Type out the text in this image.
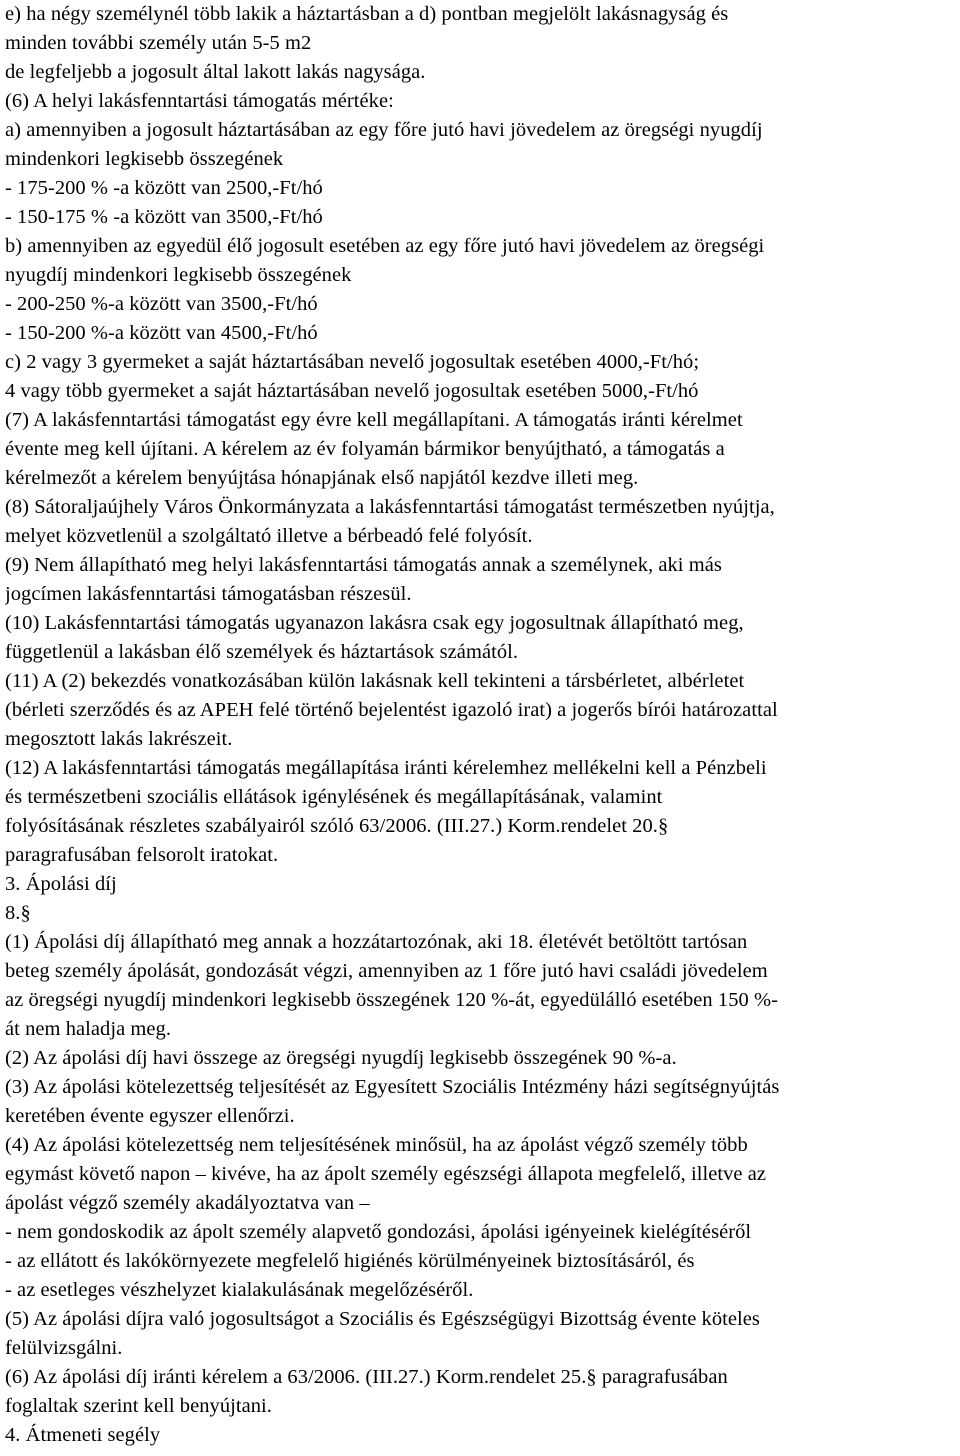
e) ha négy személynél több lakik a háztartásban a d) pontban megjelölt lakásnagyság és
minden további személy után 5-5 m2
de legfeljebb a jogosult által lakott lakás nagysága.
(6) A helyi lakásfenntartási támogatás mértéke:
a) amennyiben a jogosult háztartásában az egy főre jutó havi jövedelem az öregségi nyugdíj
mindenkori legkisebb összegének
- 175-200 % -a között van 2500,-Ft/hó
- 150-175 % -a között van 3500,-Ft/hó
b) amennyiben az egyedül élő jogosult esetében az egy főre jutó havi jövedelem az öregségi
nyugdíj mindenkori legkisebb összegének
- 200-250 %-a között van 3500,-Ft/hó
- 150-200 %-a között van 4500,-Ft/hó
c) 2 vagy 3 gyermeket a saját háztartásában nevelő jogosultak esetében 4000,-Ft/hó;
4 vagy több gyermeket a saját háztartásában nevelő jogosultak esetében 5000,-Ft/hó
(7) A lakásfenntartási támogatást egy évre kell megállapítani. A támogatás iránti kérelmet
évente meg kell újítani. A kérelem az év folyamán bármikor benyújtható, a támogatás a
kérelmezőt a kérelem benyújtása hónapjának első napjától kezdve illeti meg.
(8) Sátoraljaújhely Város Önkormányzata a lakásfenntartási támogatást természetben nyújtja,
melyet közvetlenül a szolgáltató illetve a bérbeadó felé folyósít.
(9) Nem állapítható meg helyi lakásfenntartási támogatás annak a személynek, aki más
jogcímen lakásfenntartási támogatásban részesül.
(10) Lakásfenntartási támogatás ugyanazon lakásra csak egy jogosultnak állapítható meg,
függetlenül a lakásban élő személyek és háztartások számától.
(11) A (2) bekezdés vonatkozásában külön lakásnak kell tekinteni a társbérletet, albérletet
(bérleti szerződés és az APEH felé történő bejelentést igazoló irat) a jogerős bírói határozattal
megosztott lakás lakrészeit.
(12) A lakásfenntartási támogatás megállapítása iránti kérelemhez mellékelni kell a Pénzbeli
és természetbeni szociális ellátások igénylésének és megállapításának, valamint
folyósításának részletes szabályairól szóló 63/2006. (III.27.) Korm.rendelet 20.§
paragrafusában felsorolt iratokat.
3. Ápolási díj
8.§
(1) Ápolási díj állapítható meg annak a hozzátartozónak, aki 18. életévét betöltött tartósan
beteg személy ápolását, gondozását végzi, amennyiben az 1 főre jutó havi családi jövedelem
az öregségi nyugdíj mindenkori legkisebb összegének 120 %-át, egyedülálló esetében 150 %-
át nem haladja meg.
(2) Az ápolási díj havi összege az öregségi nyugdíj legkisebb összegének 90 %-a.
(3) Az ápolási kötelezettség teljesítését az Egyesített Szociális Intézmény házi segítségnyújtás
keretében évente egyszer ellenőrzi.
(4) Az ápolási kötelezettség nem teljesítésének minősül, ha az ápolást végző személy több
egymást követő napon – kivéve, ha az ápolt személy egészségi állapota megfelelő, illetve az
ápolást végző személy akadályoztatva van –
- nem gondoskodik az ápolt személy alapvető gondozási, ápolási igényeinek kielégítéséről
- az ellátott és lakókörnyezete megfelelő higiénés körülményeinek biztosításáról, és
- az esetleges vészhelyzet kialakulásának megelőzéséről.
(5) Az ápolási díjra való jogosultságot a Szociális és Egészségügyi Bizottság évente köteles
felülvizsgálni.
(6) Az ápolási díj iránti kérelem a 63/2006. (III.27.) Korm.rendelet 25.§ paragrafusában
foglaltak szerint kell benyújtani.
4. Átmeneti segély
